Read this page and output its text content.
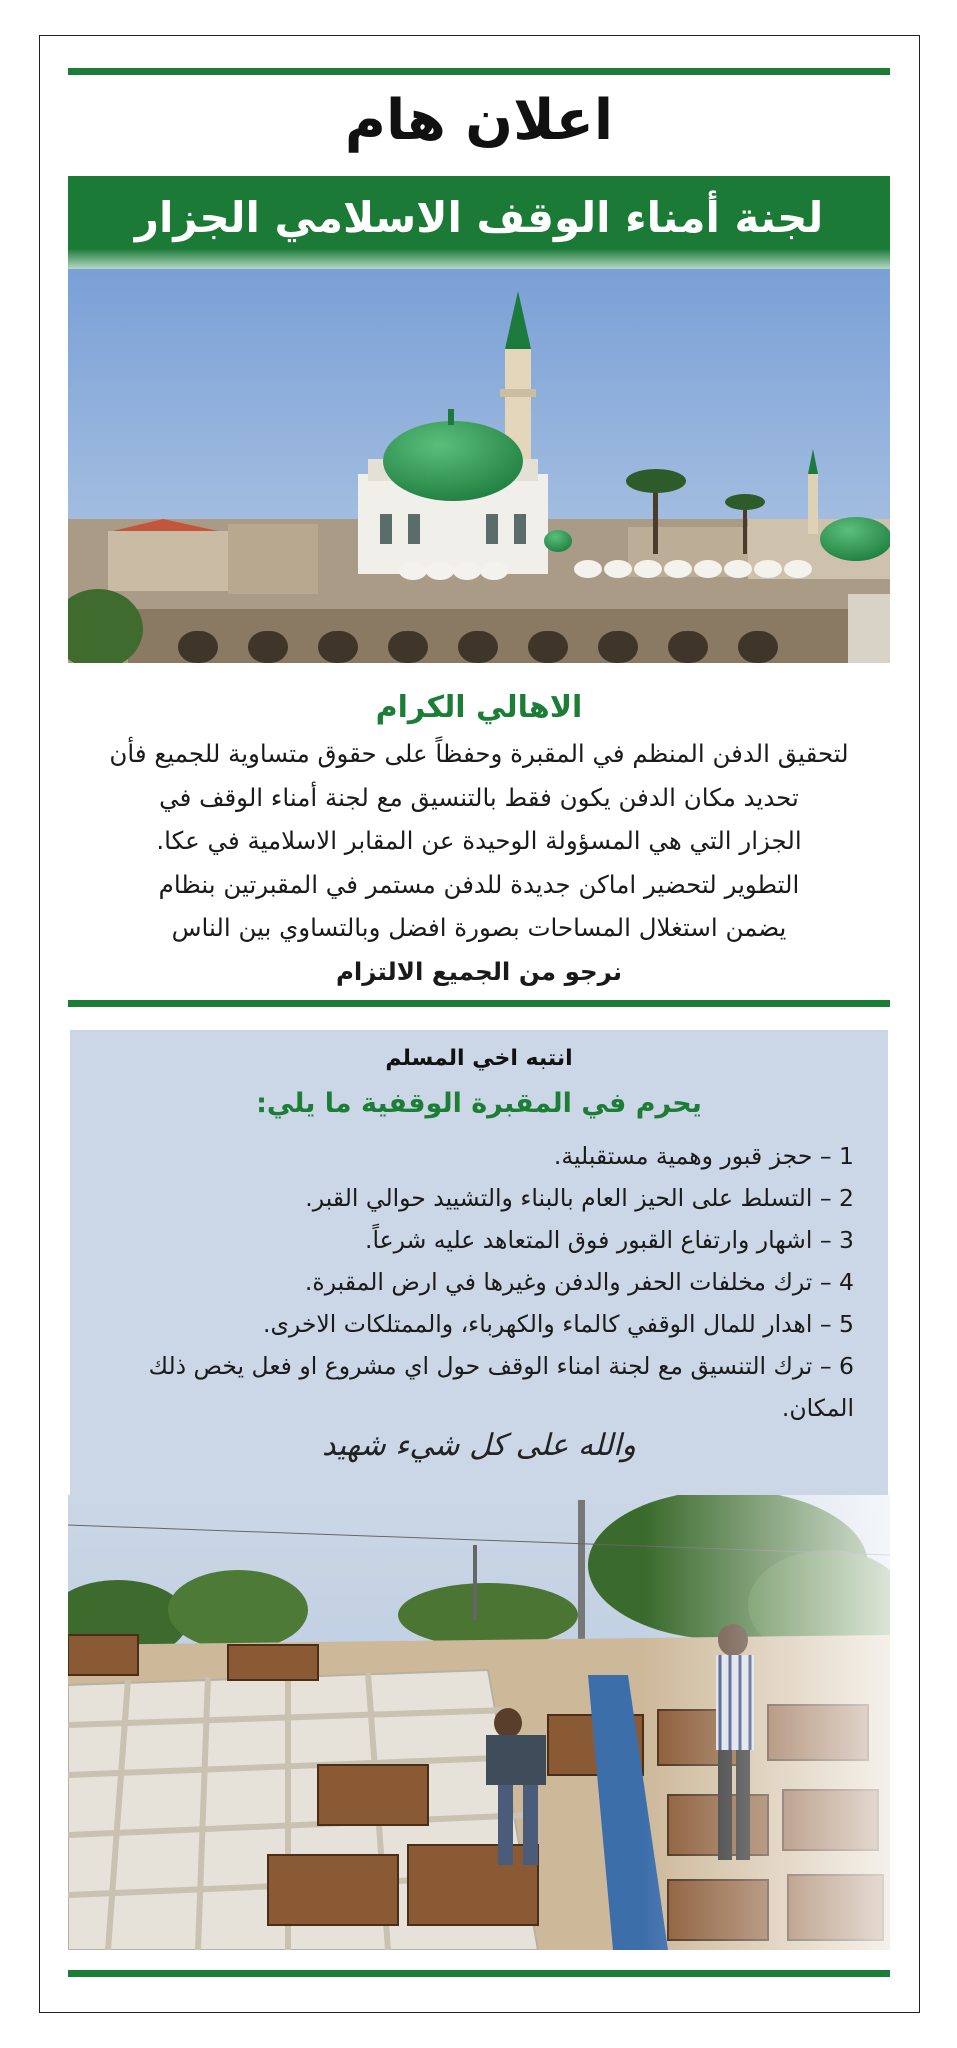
اعلان هام
لجنة أمناء الوقف الاسلامي الجزار
الاهالي الكرام
لتحقيق الدفن المنظم في المقبرة وحفظاً على حقوق متساوية للجميع فأن
تحديد مكان الدفن يكون فقط بالتنسيق مع لجنة أمناء الوقف في
الجزار التي هي المسؤولة الوحيدة عن المقابر الاسلامية في عكا.
التطوير لتحضير اماكن جديدة للدفن مستمر في المقبرتين بنظام
يضمن استغلال المساحات بصورة افضل وبالتساوي بين الناس
نرجو من الجميع الالتزام
انتبه اخي المسلم
يحرم في المقبرة الوقفية ما يلي:
1 – حجز قبور وهمية مستقبلية.
2 – التسلط على الحيز العام بالبناء والتشييد حوالي القبر.
3 – اشهار وارتفاع القبور فوق المتعاهد عليه شرعاً.
4 – ترك مخلفات الحفر والدفن وغيرها في ارض المقبرة.
5 – اهدار للمال الوقفي كالماء والكهرباء، والممتلكات الاخرى.
6 – ترك التنسيق مع لجنة امناء الوقف حول اي مشروع او فعل يخص ذلك المكان.
والله على كل شيء شهيد
